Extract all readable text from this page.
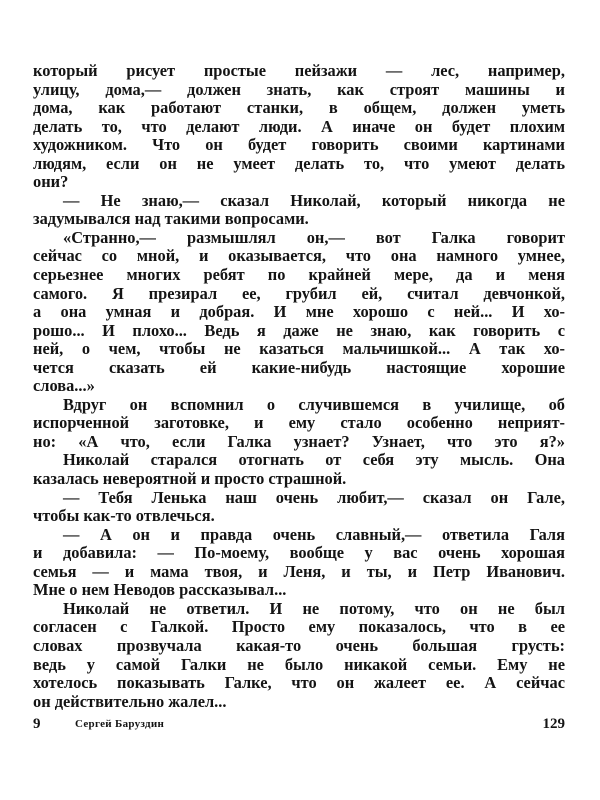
который рисует простые пейзажи — лес, например,
улицу, дома,— должен знать, как строят машины и
дома, как работают станки, в общем, должен уметь
делать то, что делают люди. А иначе он будет плохим
художником. Что он будет говорить своими картинами
людям, если он не умеет делать то, что умеют делать
они?
— Не знаю,— сказал Николай, который никогда не
задумывался над такими вопросами.
«Странно,— размышлял он,— вот Галка говорит
сейчас со мной, и оказывается, что она намного умнее,
серьезнее многих ребят по крайней мере, да и меня
самого. Я презирал ее, грубил ей, считал девчонкой,
а она умная и добрая. И мне хорошо с ней... И хо-
рошо... И плохо... Ведь я даже не знаю, как говорить с
ней, о чем, чтобы не казаться мальчишкой... А так хо-
чется сказать ей какие-нибудь настоящие хорошие
слова...»
Вдруг он вспомнил о случившемся в училище, об
испорченной заготовке, и ему стало особенно неприят-
но: «А что, если Галка узнает? Узнает, что это я?»
Николай старался отогнать от себя эту мысль. Она
казалась невероятной и просто страшной.
— Тебя Ленька наш очень любит,— сказал он Гале,
чтобы как-то отвлечься.
— А он и правда очень славный,— ответила Галя
и добавила: — По-моему, вообще у вас очень хорошая
семья — и мама твоя, и Леня, и ты, и Петр Иванович.
Мне о нем Неводов рассказывал...
Николай не ответил. И не потому, что он не был
согласен с Галкой. Просто ему показалось, что в ее
словах прозвучала какая-то очень большая грусть:
ведь у самой Галки не было никакой семьи. Ему не
хотелось показывать Галке, что он жалеет ее. А сейчас
он действительно жалел...
9	Сергей Баруздин	129
